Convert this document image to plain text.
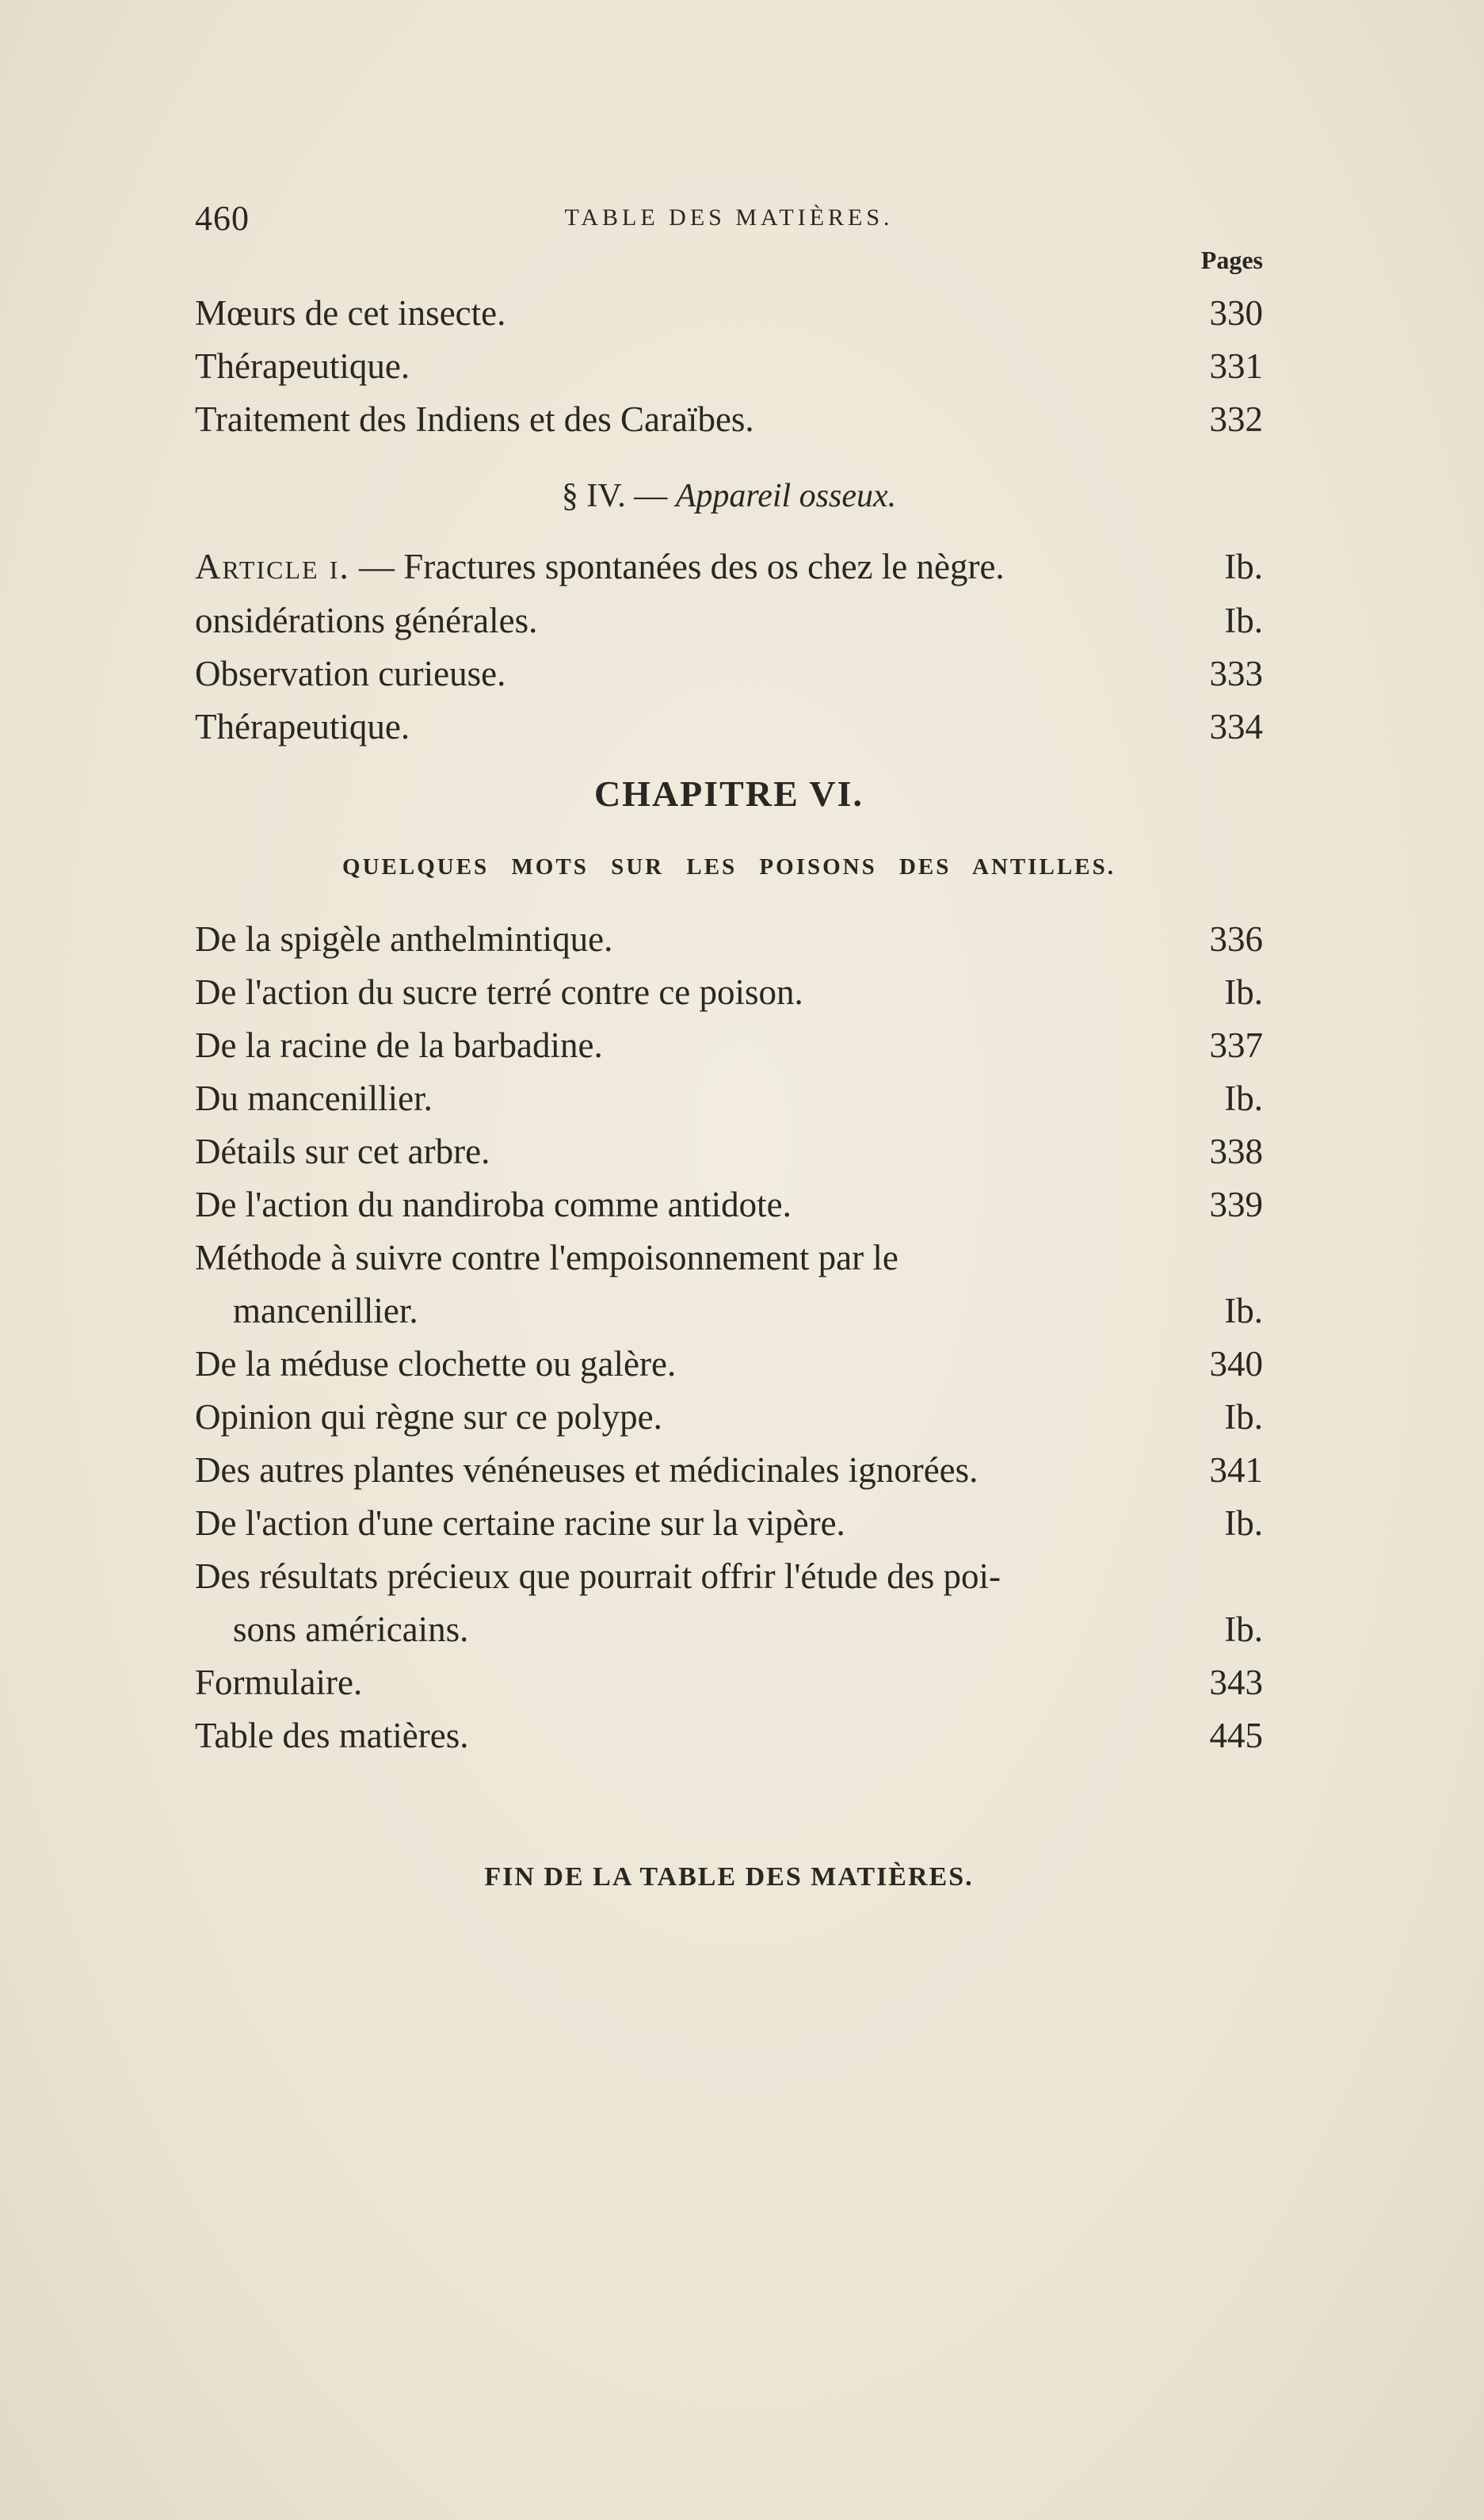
460	TABLE DES MATIÈRES.
Pages
Mœurs de cet insecte.	330
Thérapeutique.	331
Traitement des Indiens et des Caraïbes.	332
§ IV. — Appareil osseux.
Article i. — Fractures spontanées des os chez le nègre.	Ib.
onsidérations générales.	Ib.
Observation curieuse.	333
Thérapeutique.	334
CHAPITRE VI.
QUELQUES MOTS SUR LES POISONS DES ANTILLES.
De la spigèle anthelmintique.	336
De l'action du sucre terré contre ce poison.	Ib.
De la racine de la barbadine.	337
Du mancenillier.	Ib.
Détails sur cet arbre.	338
De l'action du nandiroba comme antidote.	339
Méthode à suivre contre l'empoisonnement par le
mancenillier.	Ib.
De la méduse clochette ou galère.	340
Opinion qui règne sur ce polype.	Ib.
Des autres plantes vénéneuses et médicinales ignorées.	341
De l'action d'une certaine racine sur la vipère.	Ib.
Des résultats précieux que pourrait offrir l'étude des poi-
sons américains.	Ib.
Formulaire.	343
Table des matières.	445
FIN DE LA TABLE DES MATIÈRES.
